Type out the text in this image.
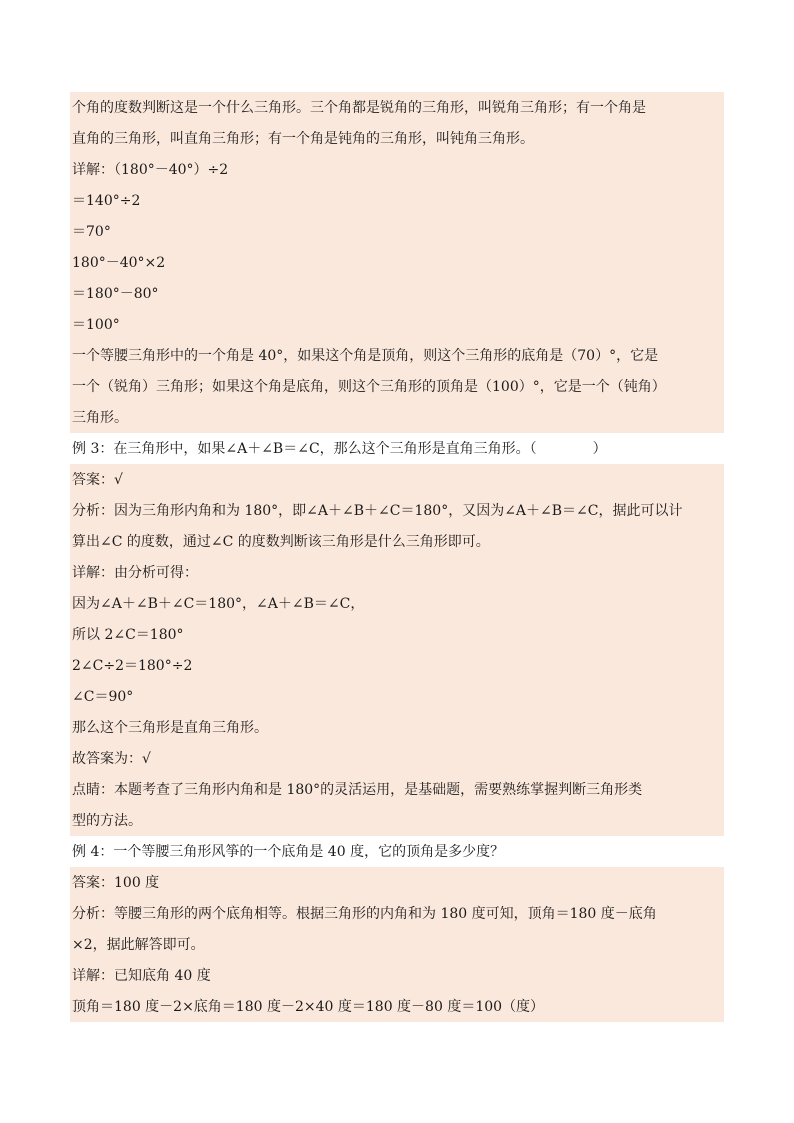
个角的度数判断这是一个什么三角形。三个角都是锐角的三角形，叫锐角三角形；有一个角是

直角的三角形，叫直角三角形；有一个角是钝角的三角形，叫钝角三角形。

详解：（180°－40°）÷2

＝140°÷2

＝70°

180°－40°×2

＝180°－80°

＝100°

一个等腰三角形中的一个角是 40°，如果这个角是顶角，则这个三角形的底角是（70）°，它是

一个（锐角）三角形；如果这个角是底角，则这个三角形的顶角是（100）°，它是一个（钝角）

三角形。

例 3：在三角形中，如果∠A＋∠B＝∠C，那么这个三角形是直角三角形。（　　　　）

答案：√

分析：因为三角形内角和为 180°，即∠A＋∠B＋∠C＝180°，又因为∠A＋∠B＝∠C，据此可以计

算出∠C 的度数，通过∠C 的度数判断该三角形是什么三角形即可。

详解：由分析可得：

因为∠A＋∠B＋∠C＝180°，∠A＋∠B＝∠C，

所以 2∠C＝180°

2∠C÷2＝180°÷2

∠C＝90°

那么这个三角形是直角三角形。

故答案为：√

点睛：本题考查了三角形内角和是 180°的灵活运用，是基础题，需要熟练掌握判断三角形类

型的方法。

例 4：一个等腰三角形风筝的一个底角是 40 度，它的顶角是多少度？

答案：100 度

分析：等腰三角形的两个底角相等。根据三角形的内角和为 180 度可知，顶角＝180 度－底角

×2，据此解答即可。

详解：已知底角 40 度

顶角＝180 度－2×底角＝180 度－2×40 度＝180 度－80 度＝100（度）
